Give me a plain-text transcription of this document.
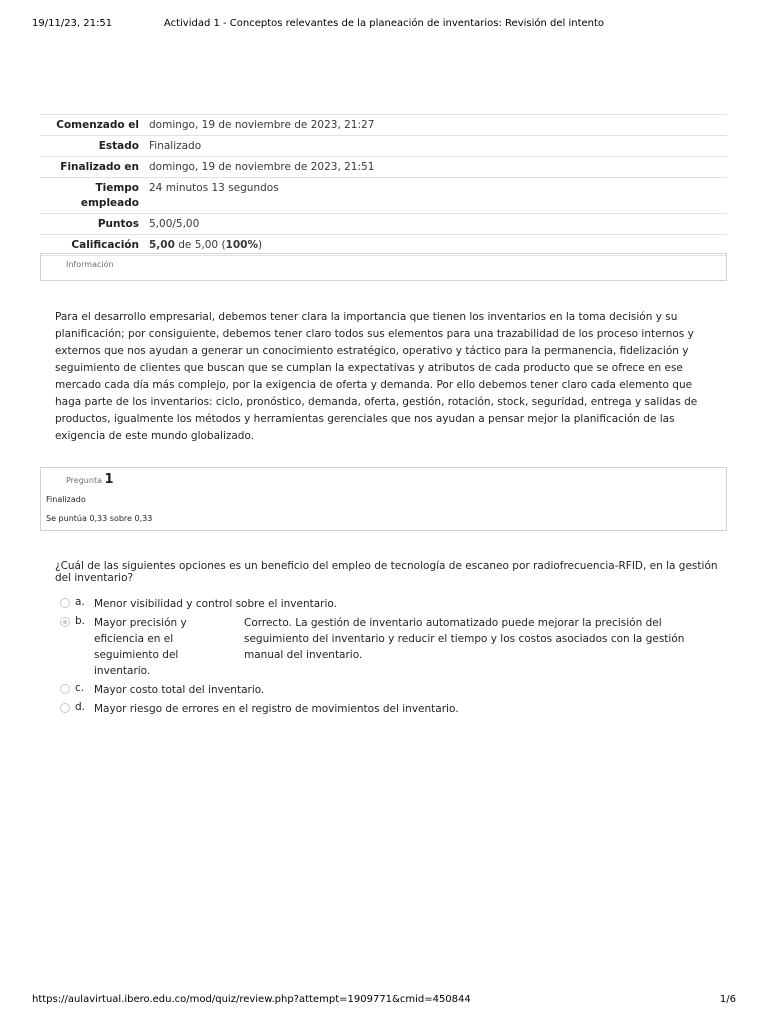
19/11/23, 21:51	Actividad 1 - Conceptos relevantes de la planeación de inventarios: Revisión del intento
Comenzado el	domingo, 19 de noviembre de 2023, 21:27
Estado	Finalizado
Finalizado en	domingo, 19 de noviembre de 2023, 21:51
Tiempo empleado	24 minutos 13 segundos
Puntos	5,00/5,00
Calificación	5,00 de 5,00 (100%)
Información
Para el desarrollo empresarial, debemos tener clara la importancia que tienen los inventarios en la toma decisión y su planificación; por consiguiente, debemos tener claro todos sus elementos para una trazabilidad de los proceso internos y externos que nos ayudan a generar un conocimiento estratégico, operativo y táctico para la permanencia, fidelización y seguimiento de clientes que buscan que se cumplan la expectativas y atributos de cada producto que se ofrece en ese mercado cada día más complejo, por la exigencia de oferta y demanda. Por ello debemos tener claro cada elemento que haga parte de los inventarios: ciclo, pronóstico, demanda, oferta, gestión, rotación, stock, seguridad, entrega y salidas de productos, igualmente los métodos y herramientas gerenciales que nos ayudan a pensar mejor la planificación de las exigencia de este mundo globalizado.
Pregunta 1
Finalizado
Se puntúa 0,33 sobre 0,33
¿Cuál de las siguientes opciones es un beneficio del empleo de tecnología de escaneo por radiofrecuencia-RFID, en la gestión del inventario?
a. Menor visibilidad y control sobre el inventario.
b. Mayor precisión y eficiencia en el seguimiento del inventario.
Correcto. La gestión de inventario automatizado puede mejorar la precisión del seguimiento del inventario y reducir el tiempo y los costos asociados con la gestión manual del inventario.
c. Mayor costo total del inventario.
d. Mayor riesgo de errores en el registro de movimientos del inventario.
https://aulavirtual.ibero.edu.co/mod/quiz/review.php?attempt=1909771&cmid=450844	1/6
